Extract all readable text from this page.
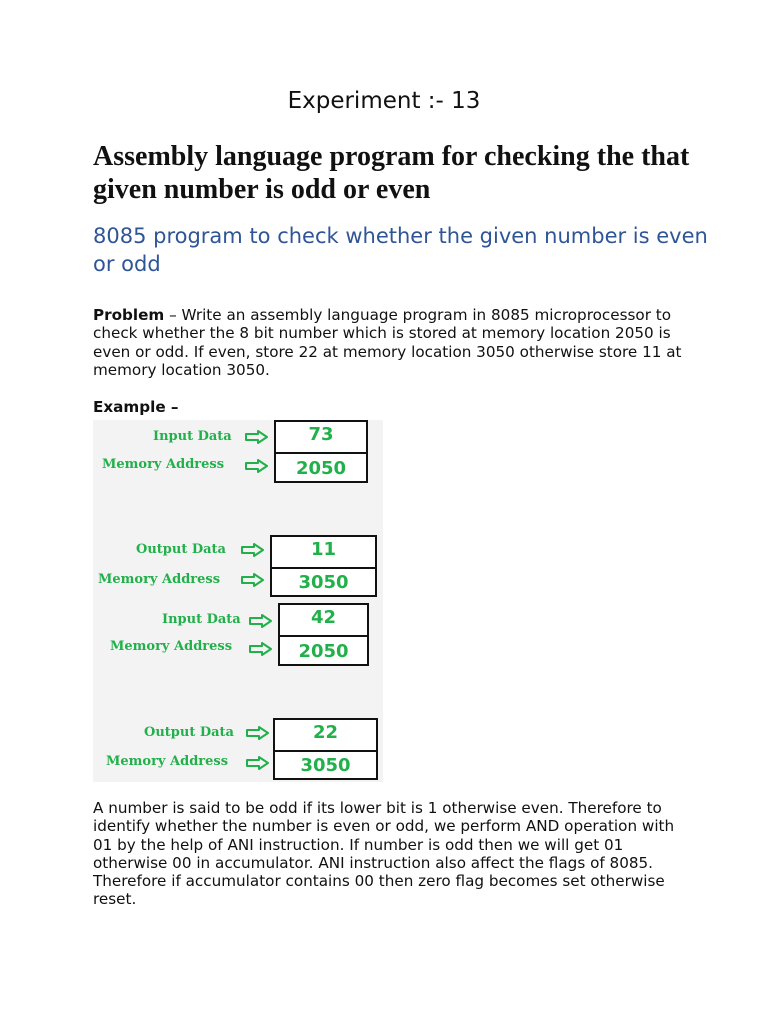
Experiment :- 13
Assembly language program for checking the that given number is odd or even
8085 program to check whether the given number is even or odd
Problem – Write an assembly language program in 8085 microprocessor to check whether the 8 bit number which is stored at memory location 2050 is even or odd. If even, store 22 at memory location 3050 otherwise store 11 at memory location 3050.
Example –
Input Data
Memory Address
73
2050
Output Data
Memory Address
11
3050
Input Data
Memory Address
42
2050
Output Data
Memory Address
22
3050
A number is said to be odd if its lower bit is 1 otherwise even. Therefore to identify whether the number is even or odd, we perform AND operation with 01 by the help of ANI instruction. If number is odd then we will get 01 otherwise 00 in accumulator. ANI instruction also affect the flags of 8085. Therefore if accumulator contains 00 then zero flag becomes set otherwise reset.
